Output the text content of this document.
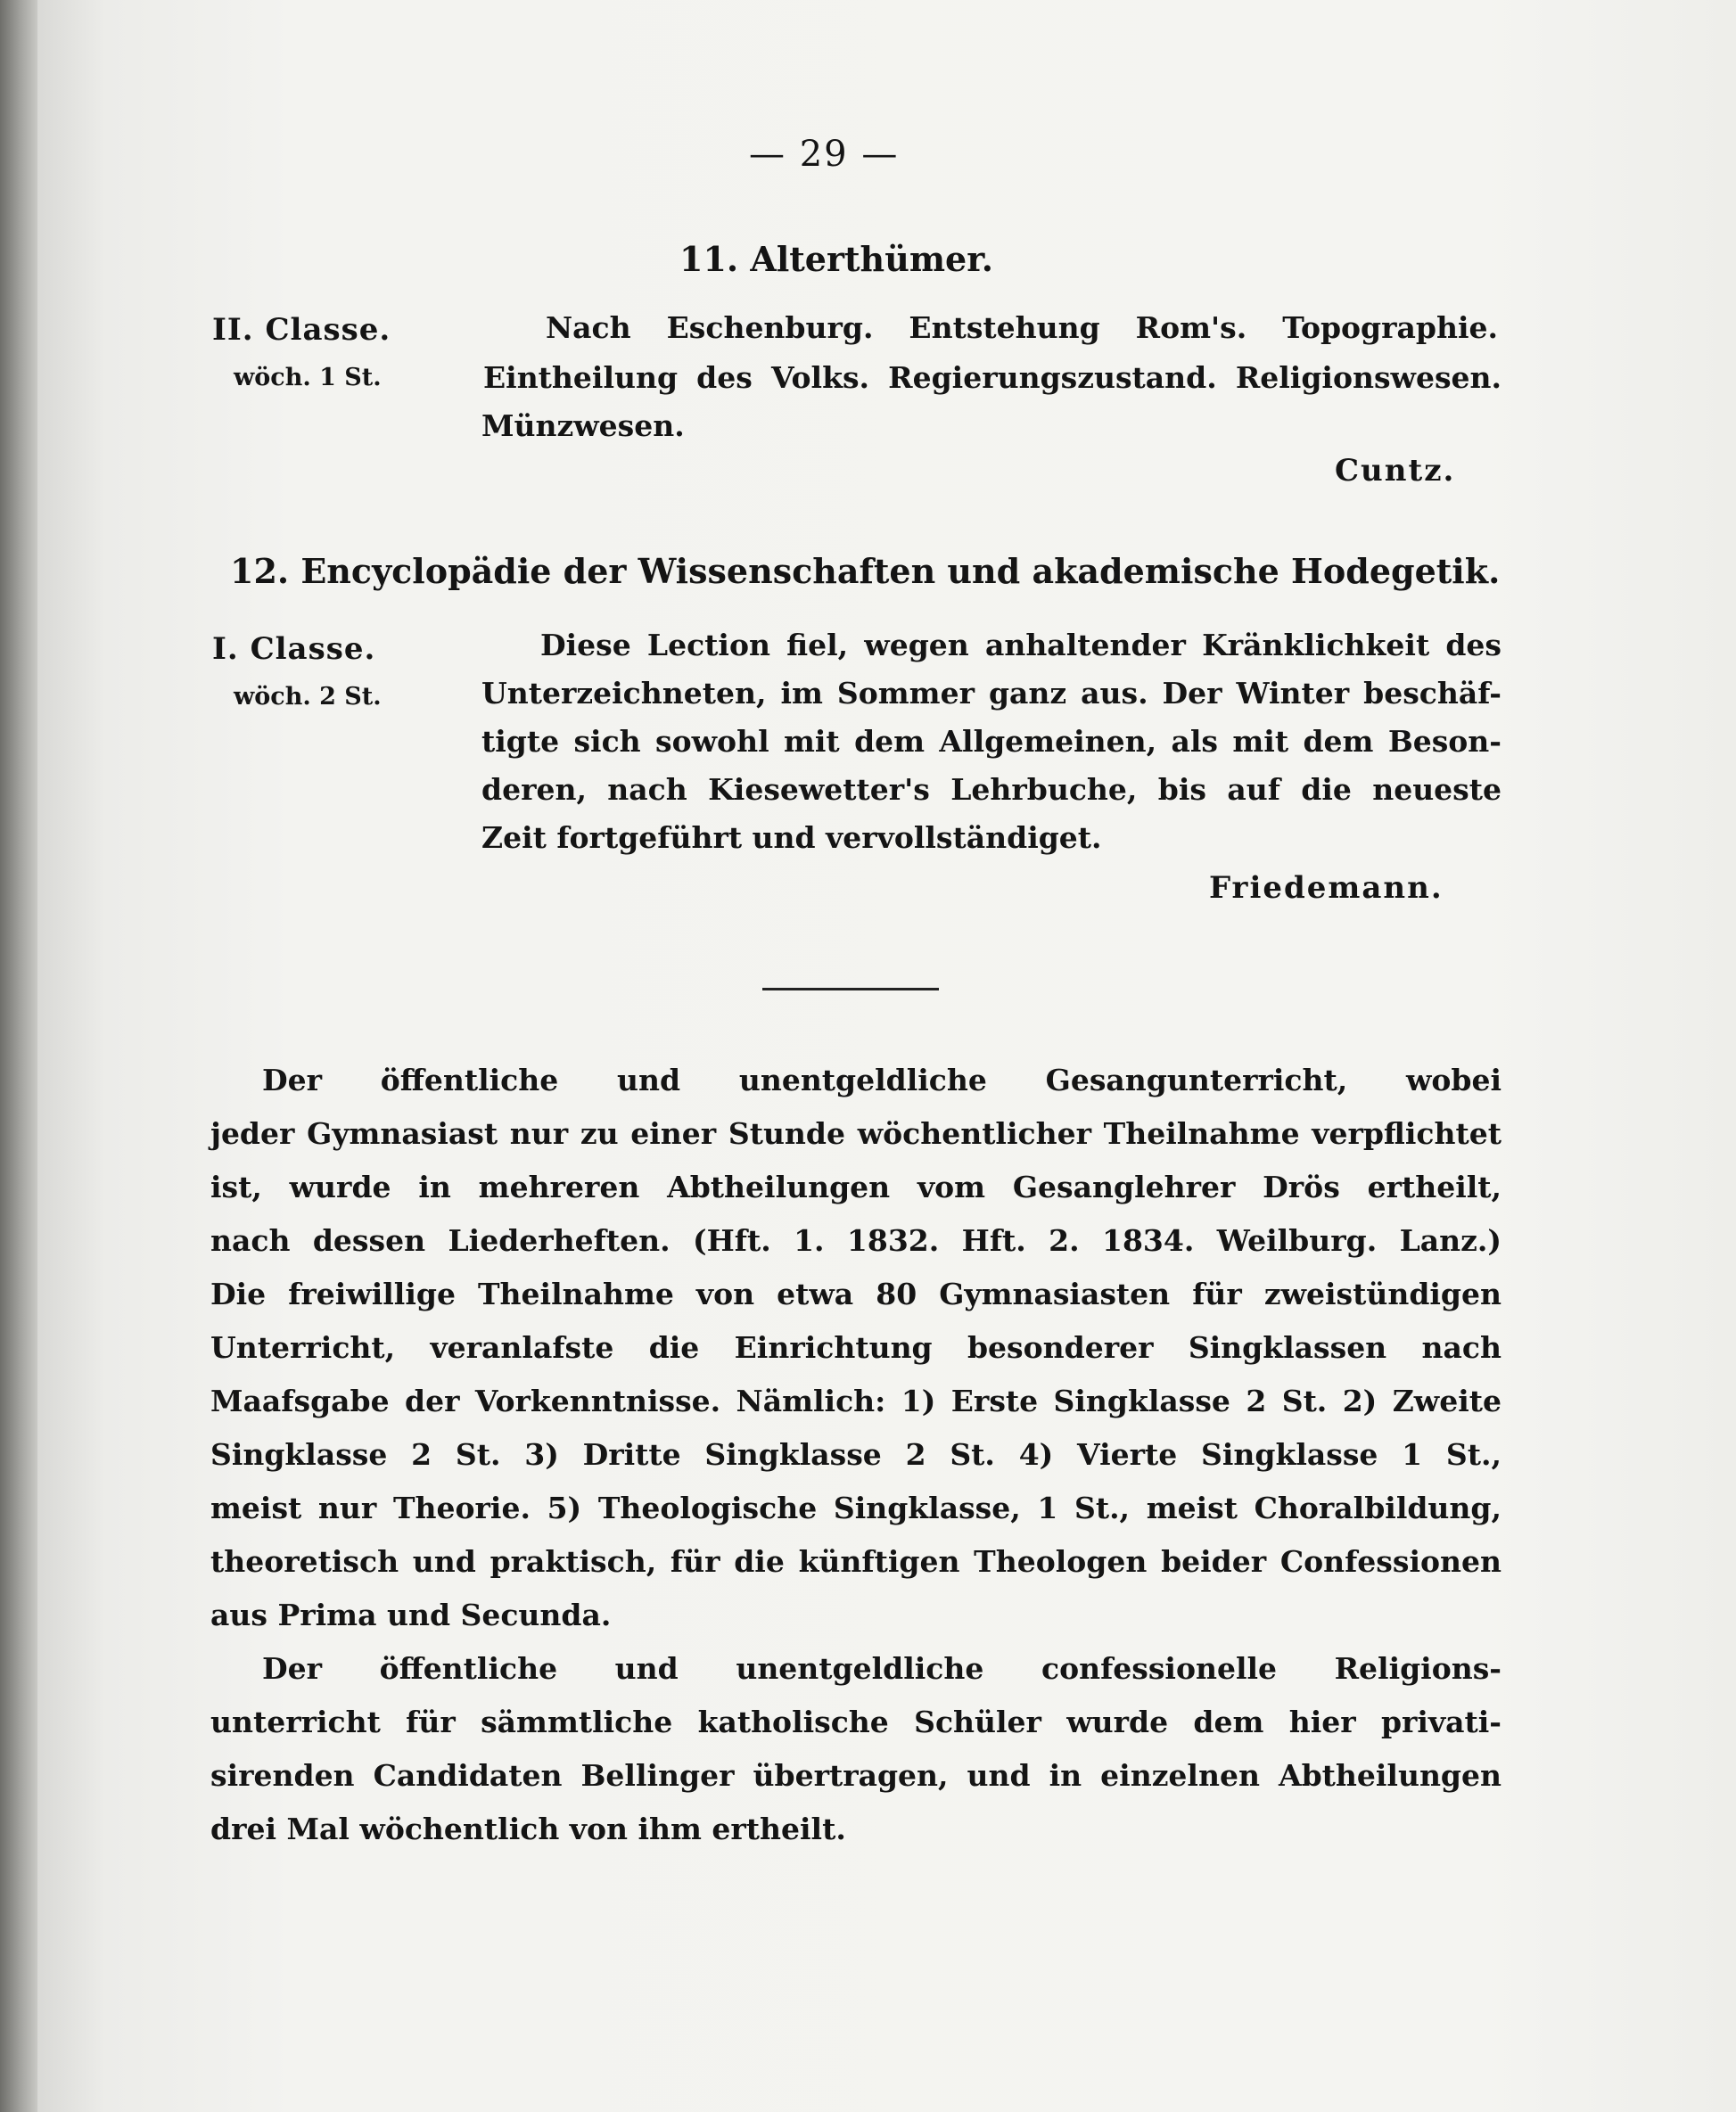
— 29 —
11. Alterthümer.
II. Classe.
wöch. 1 St.
Nach Eschenburg. Entstehung Rom's. Topographie.
Eintheilung des Volks. Regierungszustand. Religionswesen.
Münzwesen.
Cuntz.
12. Encyclopädie der Wissenschaften und akademische Hodegetik.
I. Classe.
wöch. 2 St.
Diese Lection fiel, wegen anhaltender Kränklichkeit des
Unterzeichneten, im Sommer ganz aus. Der Winter beschäf-
tigte sich sowohl mit dem Allgemeinen, als mit dem Beson-
deren, nach Kiesewetter's Lehrbuche, bis auf die neueste
Zeit fortgeführt und vervollständiget.
Friedemann.
Der öffentliche und unentgeldliche Gesangunterricht, wobei
jeder Gymnasiast nur zu einer Stunde wöchentlicher Theilnahme verpflichtet
ist, wurde in mehreren Abtheilungen vom Gesanglehrer Drös ertheilt,
nach dessen Liederheften. (Hft. 1. 1832. Hft. 2. 1834. Weilburg. Lanz.)
Die freiwillige Theilnahme von etwa 80 Gymnasiasten für zweistündigen
Unterricht, veranlafste die Einrichtung besonderer Singklassen nach
Maafsgabe der Vorkenntnisse. Nämlich: 1) Erste Singklasse 2 St. 2) Zweite
Singklasse 2 St. 3) Dritte Singklasse 2 St. 4) Vierte Singklasse 1 St.,
meist nur Theorie. 5) Theologische Singklasse, 1 St., meist Choralbildung,
theoretisch und praktisch, für die künftigen Theologen beider Confessionen
aus Prima und Secunda.
Der öffentliche und unentgeldliche confessionelle Religions-
unterricht für sämmtliche katholische Schüler wurde dem hier privati-
sirenden Candidaten Bellinger übertragen, und in einzelnen Abtheilungen
drei Mal wöchentlich von ihm ertheilt.
